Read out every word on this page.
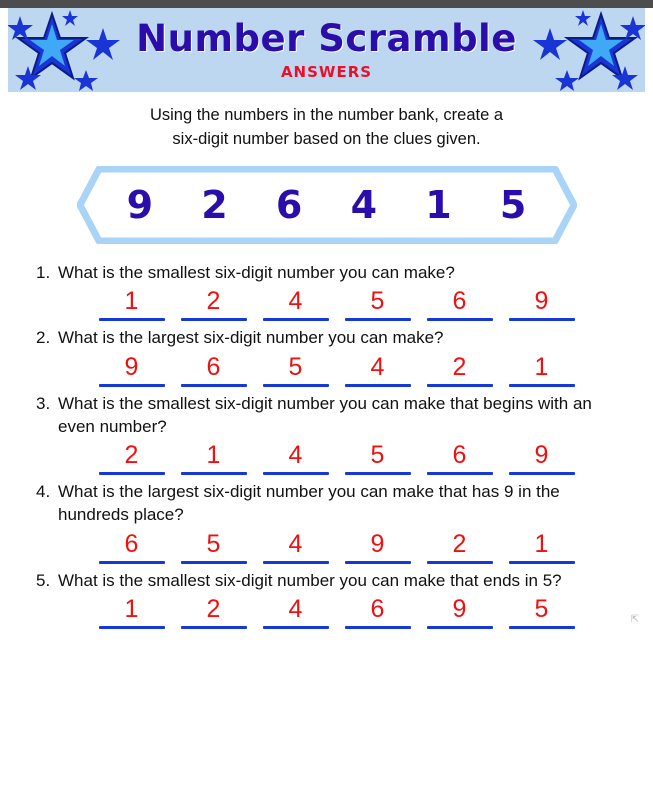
Number Scramble
ANSWERS
Using the numbers in the number bank, create a
six-digit number based on the clues given.
9 2 6 4 1 5
1. What is the smallest six-digit number you can make?
1	2	4	5	6	9
2. What is the largest six-digit number you can make?
9	6	5	4	2	1
3. What is the smallest six-digit number you can make that begins with an even number?
2	1	4	5	6	9
4. What is the largest six-digit number you can make that has 9 in the hundreds place?
6	5	4	9	2	1
5. What is the smallest six-digit number you can make that ends in 5?
1	2	4	6	9	5	⇱
